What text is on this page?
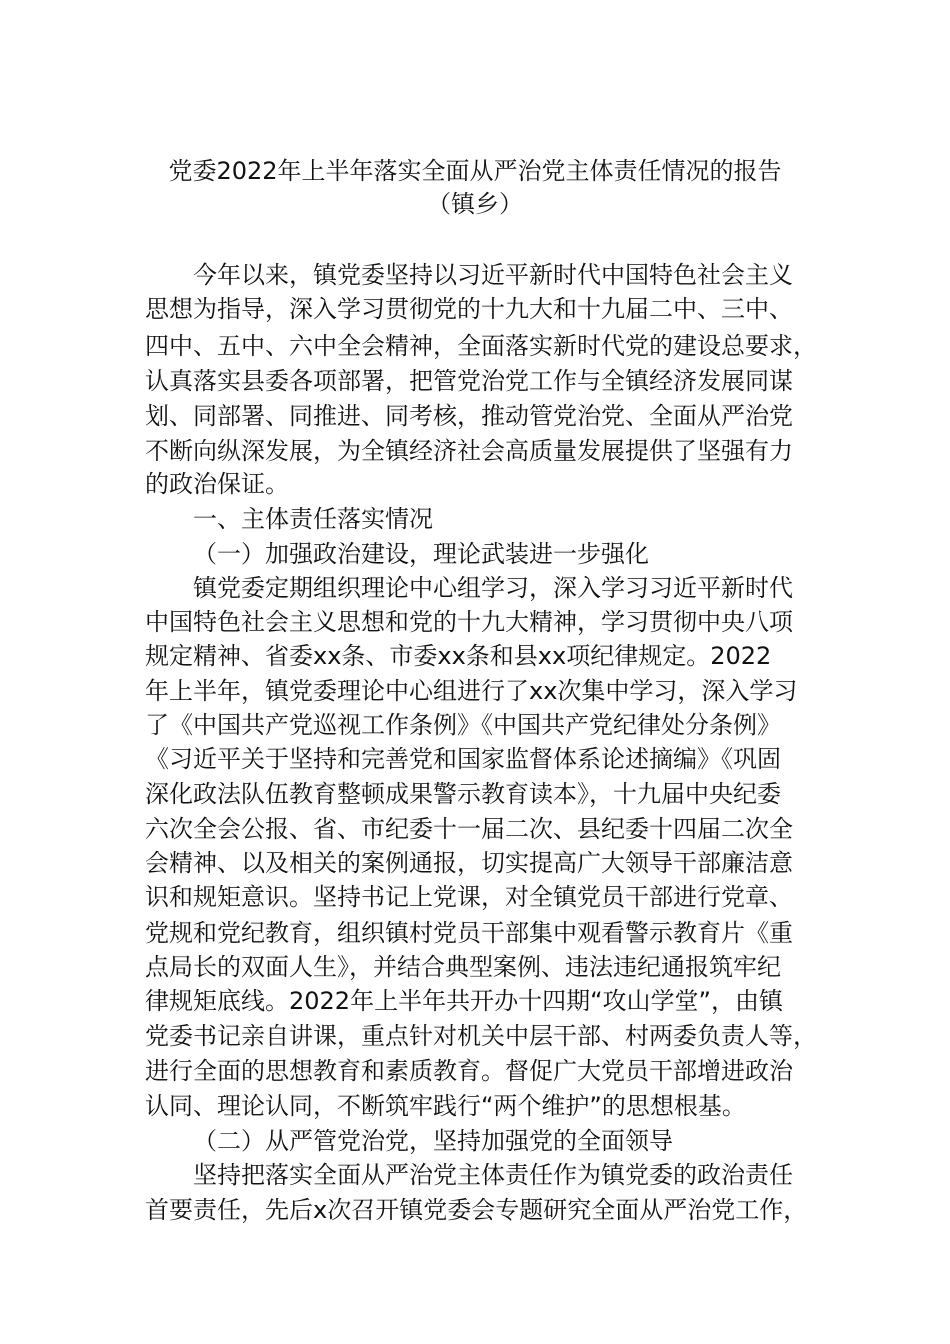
党委2022年上半年落实全面从严治党主体责任情况的报告
（镇乡）
今年以来，镇党委坚持以习近平新时代中国特色社会主义
思想为指导，深入学习贯彻党的十九大和十九届二中、三中、
四中、五中、六中全会精神，全面落实新时代党的建设总要求，
认真落实县委各项部署，把管党治党工作与全镇经济发展同谋
划、同部署、同推进、同考核，推动管党治党、全面从严治党
不断向纵深发展，为全镇经济社会高质量发展提供了坚强有力
的政治保证。
一、主体责任落实情况
（一）加强政治建设，理论武装进一步强化
镇党委定期组织理论中心组学习，深入学习习近平新时代
中国特色社会主义思想和党的十九大精神，学习贯彻中央八项
规定精神、省委xx条、市委xx条和县xx项纪律规定。2022
年上半年，镇党委理论中心组进行了xx次集中学习，深入学习
了《中国共产党巡视工作条例》《中国共产党纪律处分条例》
《习近平关于坚持和完善党和国家监督体系论述摘编》《巩固
深化政法队伍教育整顿成果警示教育读本》，十九届中央纪委
六次全会公报、省、市纪委十一届二次、县纪委十四届二次全
会精神、以及相关的案例通报，切实提高广大领导干部廉洁意
识和规矩意识。坚持书记上党课，对全镇党员干部进行党章、
党规和党纪教育，组织镇村党员干部集中观看警示教育片《重
点局长的双面人生》，并结合典型案例、违法违纪通报筑牢纪
律规矩底线。2022年上半年共开办十四期“攻山学堂”，由镇
党委书记亲自讲课，重点针对机关中层干部、村两委负责人等，
进行全面的思想教育和素质教育。督促广大党员干部增进政治
认同、理论认同，不断筑牢践行“两个维护”的思想根基。
（二）从严管党治党，坚持加强党的全面领导
坚持把落实全面从严治党主体责任作为镇党委的政治责任
首要责任，先后x次召开镇党委会专题研究全面从严治党工作，
